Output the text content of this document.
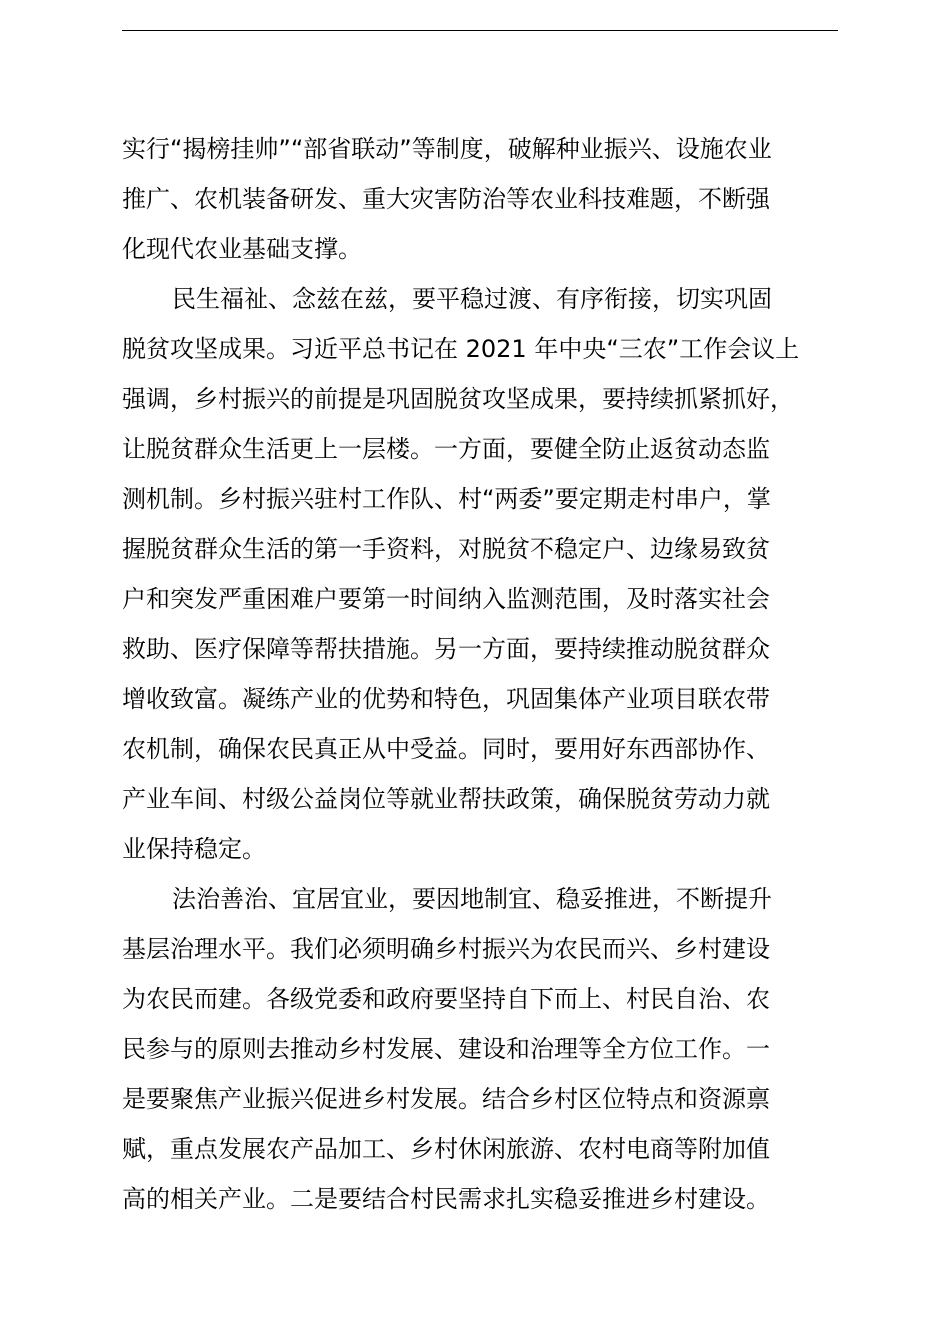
实行“揭榜挂帅”“部省联动”等制度，破解种业振兴、设施农业
推广、农机装备研发、重大灾害防治等农业科技难题，不断强
化现代农业基础支撑。
民生福祉、念兹在兹，要平稳过渡、有序衔接，切实巩固
脱贫攻坚成果。习近平总书记在 2021 年中央“三农”工作会议上
强调，乡村振兴的前提是巩固脱贫攻坚成果，要持续抓紧抓好，
让脱贫群众生活更上一层楼。一方面，要健全防止返贫动态监
测机制。乡村振兴驻村工作队、村“两委”要定期走村串户，掌
握脱贫群众生活的第一手资料，对脱贫不稳定户、边缘易致贫
户和突发严重困难户要第一时间纳入监测范围，及时落实社会
救助、医疗保障等帮扶措施。另一方面，要持续推动脱贫群众
增收致富。凝练产业的优势和特色，巩固集体产业项目联农带
农机制，确保农民真正从中受益。同时，要用好东西部协作、
产业车间、村级公益岗位等就业帮扶政策，确保脱贫劳动力就
业保持稳定。
法治善治、宜居宜业，要因地制宜、稳妥推进，不断提升
基层治理水平。我们必须明确乡村振兴为农民而兴、乡村建设
为农民而建。各级党委和政府要坚持自下而上、村民自治、农
民参与的原则去推动乡村发展、建设和治理等全方位工作。一
是要聚焦产业振兴促进乡村发展。结合乡村区位特点和资源禀
赋，重点发展农产品加工、乡村休闲旅游、农村电商等附加值
高的相关产业。二是要结合村民需求扎实稳妥推进乡村建设。
